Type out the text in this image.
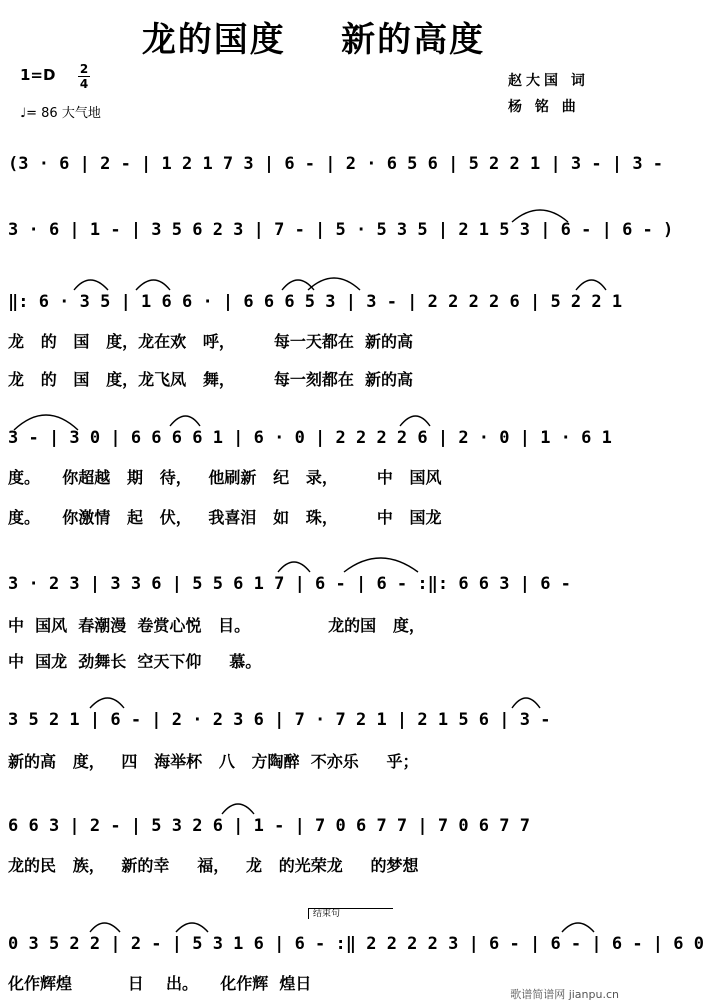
龙的国度    新的高度
1=D 2
4
♩= 86 大气地
赵大国 词
杨 铭 曲
(3 · 6 | 2 - | 1 2 1 7 3 | 6 - | 2 · 6 5 6 | 5 2 2 1 | 3 - | 3 -
3 · 6 | 1 - | 3 5 6 2 3 | 7 - | 5 · 5 3 5 | 2 1 5 3 | 6 - | 6 - )
‖: 6 · 3 5 | 1 6 6 · | 6 6 6 5 3 | 3 - | 2 2 2 2 6 | 5 2 2 1
龙   的   国   度，龙在欢   呼，       每一天都在  新的高
龙   的   国   度，龙飞凤   舞，       每一刻都在  新的高
3 - | 3 0 | 6 6 6 6 1 | 6 · 0 | 2 2 2 2 6 | 2 · 0 | 1 · 6 1
度。    你超越   期   待，   他刷新   纪   录，       中   国风
度。    你激情   起   伏，   我喜泪   如   珠，       中   国龙
3 · 2 3 | 3 3 6 | 5 5 6 1 7 | 6 - | 6 - :‖: 6 6 3 | 6 -
中  国风  春潮漫  卷赏心悦   目。              龙的国   度，
中  国龙  劲舞长  空天下仰     慕。
3 5 2 1 | 6 - | 2 · 2 3 6 | 7 · 7 2 1 | 2 1 5 6 | 3 -
新的高   度，   四   海举杯   八   方陶醉  不亦乐     乎；
6 6 3 | 2 - | 5 3 2 6 | 1 - | 7 0 6 7 7 | 7 0 6 7 7
龙的民   族，   新的幸     福，   龙   的光荣龙     的梦想
结束句
0 3 5 2 2 | 2 - | 5 3 1 6 | 6 - :‖ 2 2 2 2 3 | 6 - | 6 - | 6 - | 6 0
化作辉煌          日    出。    化作辉  煌日
歌谱简谱网 jianpu.cn
